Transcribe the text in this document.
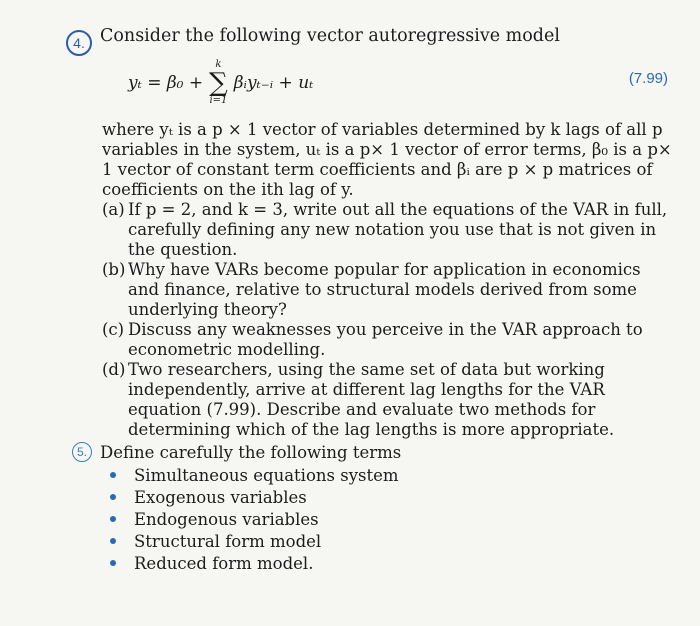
4. Consider the following vector autoregressive model
yₜ = β₀ +
k
∑
i=1
βᵢyₜ₋ᵢ + uₜ	(7.99)

where yₜ is a p × 1 vector of variables determined by k lags of all p variables in the system, uₜ is a p× 1 vector of error terms, β₀ is a p× 1 vector of constant term coefficients and βᵢ are p × p matrices of coefficients on the ith lag of y.

(a) If p = 2, and k = 3, write out all the equations of the VAR in full, carefully defining any new notation you use that is not given in the question.
(b) Why have VARs become popular for application in economics and finance, relative to structural models derived from some underlying theory?
(c) Discuss any weaknesses you perceive in the VAR approach to econometric modelling.
(d) Two researchers, using the same set of data but working independently, arrive at different lag lengths for the VAR equation (7.99). Describe and evaluate two methods for determining which of the lag lengths is more appropriate.
5. Define carefully the following terms
Simultaneous equations system
Exogenous variables
Endogenous variables
Structural form model
Reduced form model.
